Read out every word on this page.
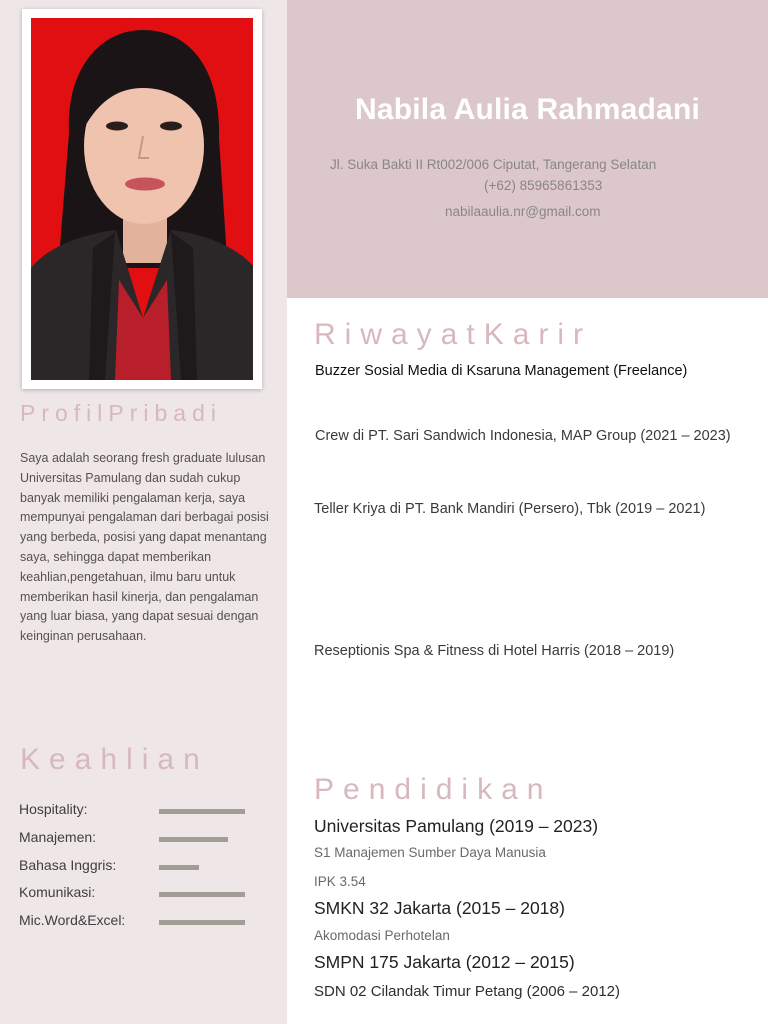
Nabila Aulia Rahmadani
Jl. Suka Bakti II Rt002/006 Ciputat, Tangerang Selatan
(+62) 85965861353
nabilaaulia.nr@gmail.com
ProfilPribadi
Saya adalah seorang fresh graduate lulusan Universitas Pamulang dan sudah cukup banyak memiliki pengalaman kerja, saya mempunyai pengalaman dari berbagai posisi yang berbeda, posisi yang dapat menantang saya, sehingga dapat memberikan keahlian,pengetahuan, ilmu baru untuk memberikan hasil kinerja, dan pengalaman yang luar biasa, yang dapat sesuai dengan keinginan perusahaan.
Keahlian
Hospitality:
Manajemen:
Bahasa Inggris:
Komunikasi:
Mic.Word&Excel:
RiwayatKarir
Buzzer Sosial Media di Ksaruna Management (Freelance)
Crew di PT. Sari Sandwich Indonesia, MAP Group (2021 – 2023)
Teller Kriya di PT. Bank Mandiri (Persero), Tbk (2019 – 2021)
Reseptionis Spa & Fitness di Hotel Harris (2018 – 2019)
Pendidikan
Universitas Pamulang (2019 – 2023)
S1 Manajemen Sumber Daya Manusia
IPK 3.54
SMKN 32 Jakarta (2015 – 2018)
Akomodasi Perhotelan
SMPN 175 Jakarta (2012 – 2015)
SDN 02 Cilandak Timur Petang (2006 – 2012)
